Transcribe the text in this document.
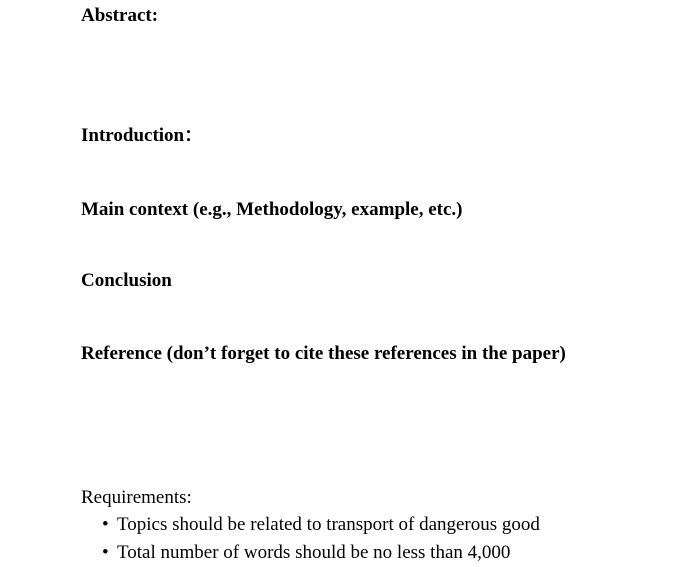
Abstract:
Introduction：
Main context (e.g., Methodology, example, etc.)
Conclusion
Reference (don’t forget to cite these references in the paper)

Requirements:

• Topics should be related to transport of dangerous good
• Total number of words should be no less than 4,000
